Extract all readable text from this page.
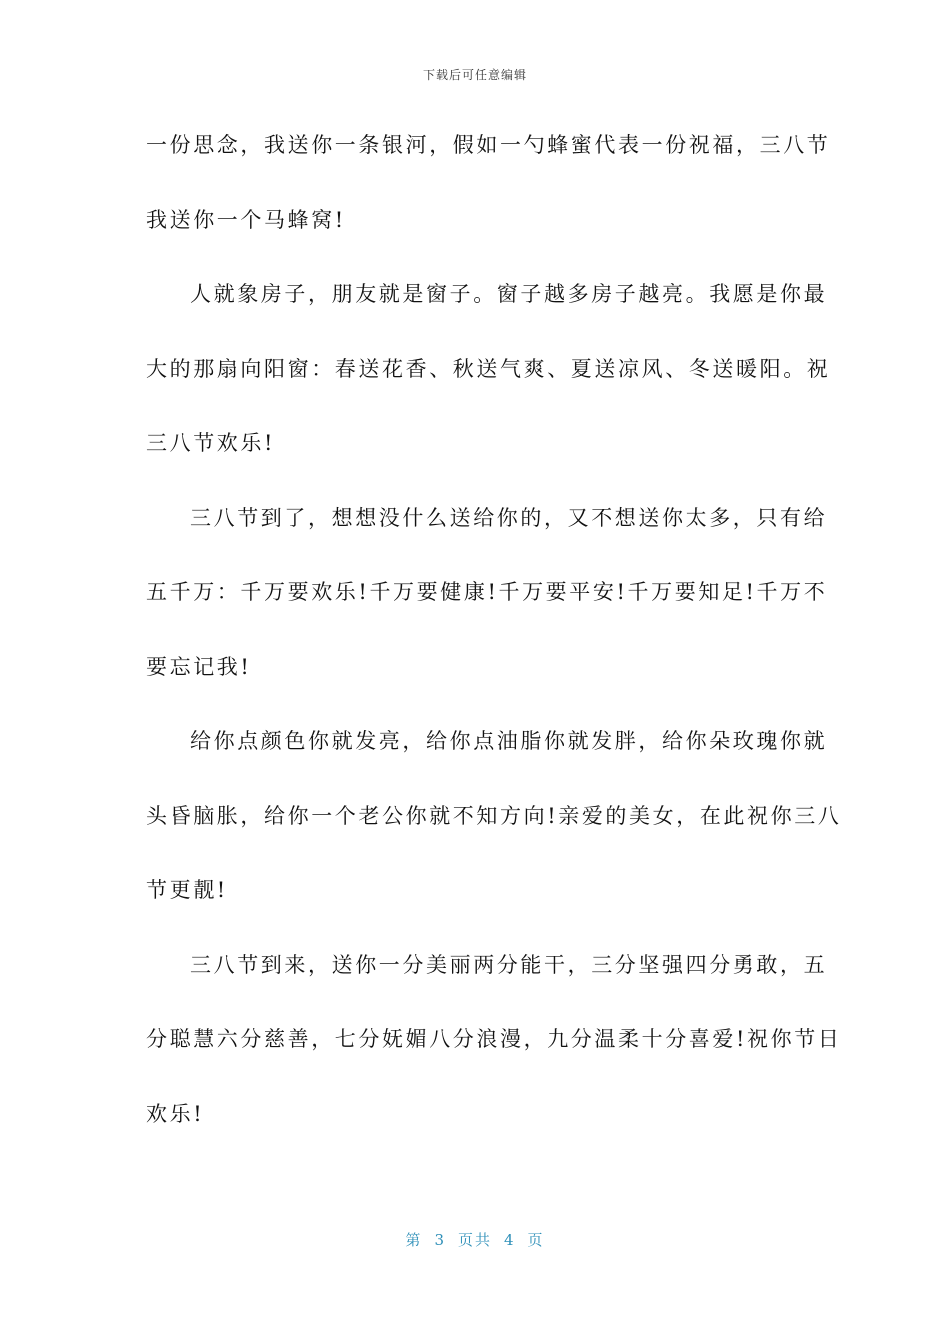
下载后可任意编辑
一份思念，我送你一条银河，假如一勺蜂蜜代表一份祝福，三八节
我送你一个马蜂窝!
人就象房子，朋友就是窗子。窗子越多房子越亮。我愿是你最
大的那扇向阳窗：春送花香、秋送气爽、夏送凉风、冬送暖阳。祝
三八节欢乐!
三八节到了，想想没什么送给你的，又不想送你太多，只有给
五千万：千万要欢乐!千万要健康!千万要平安!千万要知足!千万不
要忘记我!
给你点颜色你就发亮，给你点油脂你就发胖，给你朵玫瑰你就
头昏脑胀，给你一个老公你就不知方向!亲爱的美女，在此祝你三八
节更靓!
三八节到来，送你一分美丽两分能干，三分坚强四分勇敢，五
分聪慧六分慈善，七分妩媚八分浪漫，九分温柔十分喜爱!祝你节日
欢乐!
第 3 页共 4 页
